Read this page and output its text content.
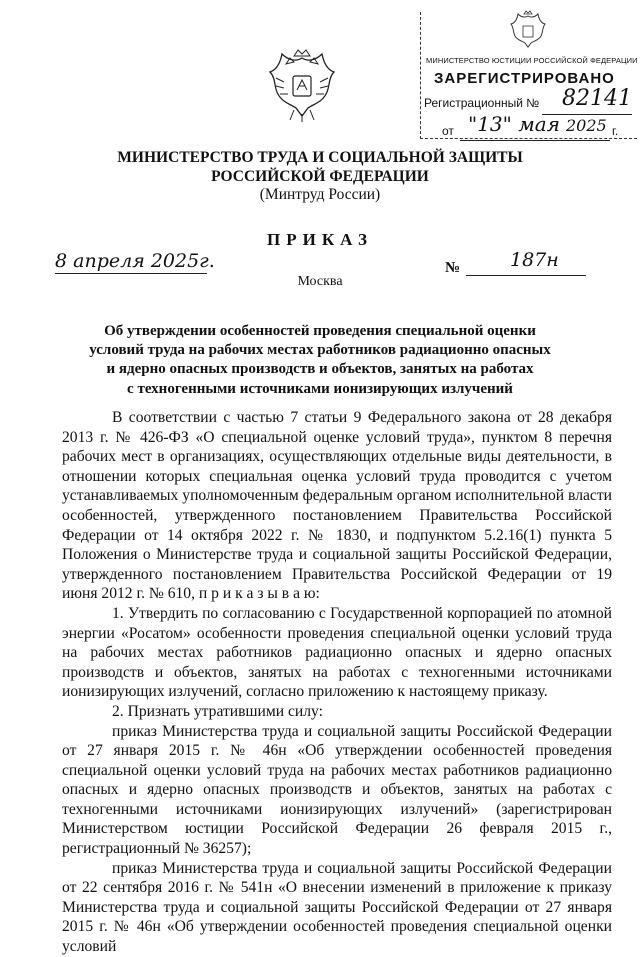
МИНИСТЕРСТВО ЮСТИЦИИ РОССИЙСКОЙ ФЕДЕРАЦИИ
ЗАРЕГИСТРИРОВАНО
Регистрационный № 82141
от "13" мая 2025 г.
МИНИСТЕРСТВО ТРУДА И СОЦИАЛЬНОЙ ЗАЩИТЫ
РОССИЙСКОЙ ФЕДЕРАЦИИ
(Минтруд России)
ПРИКАЗ
8 апреля 2025г.
Москва
№	187н
Об утверждении особенностей проведения специальной оценки
условий труда на рабочих местах работников радиационно опасных
и ядерно опасных производств и объектов, занятых на работах
с техногенными источниками ионизирующих излучений

В соответствии с частью 7 статьи 9 Федерального закона от 28 декабря 2013 г. № 426-ФЗ «О специальной оценке условий труда», пунктом 8 перечня рабочих мест в организациях, осуществляющих отдельные виды деятельности, в отношении которых специальная оценка условий труда проводится с учетом устанавливаемых уполномоченным федеральным органом исполнительной власти особенностей, утвержденного постановлением Правительства Российской Федерации от 14 октября 2022 г. № 1830, и подпунктом 5.2.16(1) пункта 5 Положения о Министерстве труда и социальной защиты Российской Федерации, утвержденного постановлением Правительства Российской Федерации от 19 июня 2012 г. № 610, п р и к а з ы в а ю:

1. Утвердить по согласованию с Государственной корпорацией по атомной энергии «Росатом» особенности проведения специальной оценки условий труда на рабочих местах работников радиационно опасных и ядерно опасных производств и объектов, занятых на работах с техногенными источниками ионизирующих излучений, согласно приложению к настоящему приказу.

2. Признать утратившими силу:

приказ Министерства труда и социальной защиты Российской Федерации от 27 января 2015 г. № 46н «Об утверждении особенностей проведения специальной оценки условий труда на рабочих местах работников радиационно опасных и ядерно опасных производств и объектов, занятых на работах с техногенными источниками ионизирующих излучений» (зарегистрирован Министерством юстиции Российской Федерации 26 февраля 2015 г., регистрационный № 36257);

приказ Министерства труда и социальной защиты Российской Федерации от 22 сентября 2016 г. № 541н «О внесении изменений в приложение к приказу Министерства труда и социальной защиты Российской Федерации от 27 января 2015 г. № 46н «Об утверждении особенностей проведения специальной оценки условий
